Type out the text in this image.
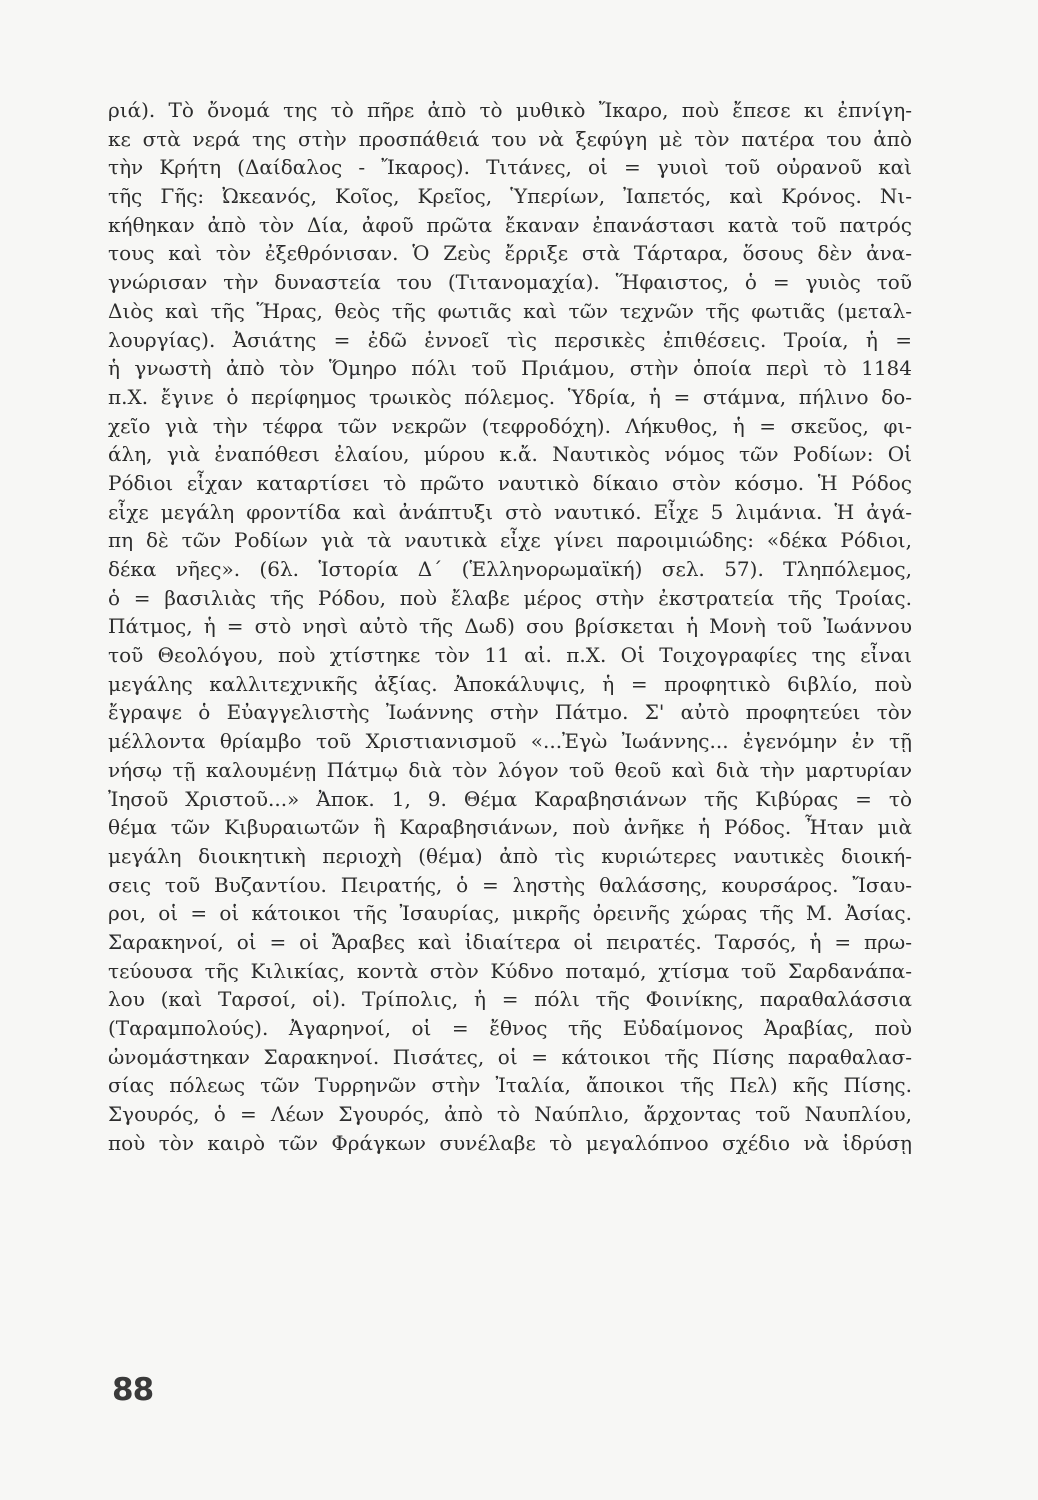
ριά). Τὸ ὄνομά της τὸ πῆρε ἀπὸ τὸ μυθικὸ Ἴκαρο, ποὺ ἔπεσε κι ἐπνίγη-
κε στὰ νερά της στὴν προσπάθειά του νὰ ξεφύγη μὲ τὸν πατέρα του ἀπὸ
τὴν Κρήτη (Δαίδαλος - Ἴκαρος). Τιτάνες, οἱ = γυιοὶ τοῦ οὐρανοῦ καὶ
τῆς Γῆς: Ὠκεανός, Κοῖος, Κρεῖος, Ὑπερίων, Ἰαπετός, καὶ Κρόνος. Νι-
κήθηκαν ἀπὸ τὸν Δία, ἀφοῦ πρῶτα ἔκαναν ἐπανάστασι κατὰ τοῦ πατρός
τους καὶ τὸν ἐξεθρόνισαν. Ὁ Ζεὺς ἔρριξε στὰ Τάρταρα, ὅσους δὲν ἀνα-
γνώρισαν τὴν δυναστεία του (Τιτανομαχία). Ἥφαιστος, ὁ = γυιὸς τοῦ
Διὸς καὶ τῆς Ἥρας, θεὸς τῆς φωτιᾶς καὶ τῶν τεχνῶν τῆς φωτιᾶς (μεταλ-
λουργίας). Ἀσιάτης = ἐδῶ ἐννοεῖ τὶς περσικὲς ἐπιθέσεις. Τροία, ἡ =
ἡ γνωστὴ ἀπὸ τὸν Ὅμηρο πόλι τοῦ Πριάμου, στὴν ὁποία περὶ τὸ 1184
π.Χ. ἔγινε ὁ περίφημος τρωικὸς πόλεμος. Ὑδρία, ἡ = στάμνα, πήλινο δο-
χεῖο γιὰ τὴν τέφρα τῶν νεκρῶν (τεφροδόχη). Λήκυθος, ἡ = σκεῦος, φι-
άλη, γιὰ ἐναπόθεσι ἐλαίου, μύρου κ.ἄ. Ναυτικὸς νόμος τῶν Ροδίων: Οἱ
Ρόδιοι εἶχαν καταρτίσει τὸ πρῶτο ναυτικὸ δίκαιο στὸν κόσμο. Ἡ Ρόδος
εἶχε μεγάλη φροντίδα καὶ ἀνάπτυξι στὸ ναυτικό. Εἶχε 5 λιμάνια. Ἡ ἀγά-
πη δὲ τῶν Ροδίων γιὰ τὰ ναυτικὰ εἶχε γίνει παροιμιώδης: «δέκα Ρόδιοι,
δέκα νῆες». (6λ. Ἱστορία Δ΄ (Ἑλληνορωμαϊκή) σελ. 57). Τληπόλεμος,
ὁ = βασιλιὰς τῆς Ρόδου, ποὺ ἔλαβε μέρος στὴν ἐκστρατεία τῆς Τροίας.
Πάτμος, ἡ = στὸ νησὶ αὐτὸ τῆς Δωδ) σου βρίσκεται ἡ Μονὴ τοῦ Ἰωάννου
τοῦ Θεολόγου, ποὺ χτίστηκε τὸν 11 αἰ. π.Χ. Οἱ Τοιχογραφίες της εἶναι
μεγάλης καλλιτεχνικῆς ἀξίας. Ἀποκάλυψις, ἡ = προφητικὸ 6ιβλίο, ποὺ
ἔγραψε ὁ Εὐαγγελιστὴς Ἰωάννης στὴν Πάτμο. Σ' αὐτὸ προφητεύει τὸν
μέλλοντα θρίαμβο τοῦ Χριστιανισμοῦ «...Ἐγὼ Ἰωάννης... ἐγενόμην ἐν τῇ
νήσῳ τῇ καλουμένῃ Πάτμῳ διὰ τὸν λόγον τοῦ θεοῦ καὶ διὰ τὴν μαρτυρίαν
Ἰησοῦ Χριστοῦ...» Ἀποκ. 1, 9. Θέμα Καραβησιάνων τῆς Κιβύρας = τὸ
θέμα τῶν Κιβυραιωτῶν ἢ Καραβησιάνων, ποὺ ἀνῆκε ἡ Ρόδος. Ἦταν μιὰ
μεγάλη διοικητικὴ περιοχὴ (θέμα) ἀπὸ τὶς κυριώτερες ναυτικὲς διοική-
σεις τοῦ Βυζαντίου. Πειρατής, ὁ = ληστὴς θαλάσσης, κουρσάρος. Ἴσαυ-
ροι, οἱ = οἱ κάτοικοι τῆς Ἰσαυρίας, μικρῆς ὀρεινῆς χώρας τῆς Μ. Ἀσίας.
Σαρακηνοί, οἱ = οἱ Ἄραβες καὶ ἰδιαίτερα οἱ πειρατές. Ταρσός, ἡ = πρω-
τεύουσα τῆς Κιλικίας, κοντὰ στὸν Κύδνο ποταμό, χτίσμα τοῦ Σαρδανάπα-
λου (καὶ Ταρσοί, οἱ). Τρίπολις, ἡ = πόλι τῆς Φοινίκης, παραθαλάσσια
(Ταραμπολούς). Ἀγαρηνοί, οἱ = ἔθνος τῆς Εὐδαίμονος Ἀραβίας, ποὺ
ὠνομάστηκαν Σαρακηνοί. Πισάτες, οἱ = κάτοικοι τῆς Πίσης παραθαλασ-
σίας πόλεως τῶν Τυρρηνῶν στὴν Ἰταλία, ἄποικοι τῆς Πελ) κῆς Πίσης.
Σγουρός, ὁ = Λέων Σγουρός, ἀπὸ τὸ Ναύπλιο, ἄρχοντας τοῦ Ναυπλίου,
ποὺ τὸν καιρὸ τῶν Φράγκων συνέλαβε τὸ μεγαλόπνοο σχέδιο νὰ ἱδρύσῃ
88
